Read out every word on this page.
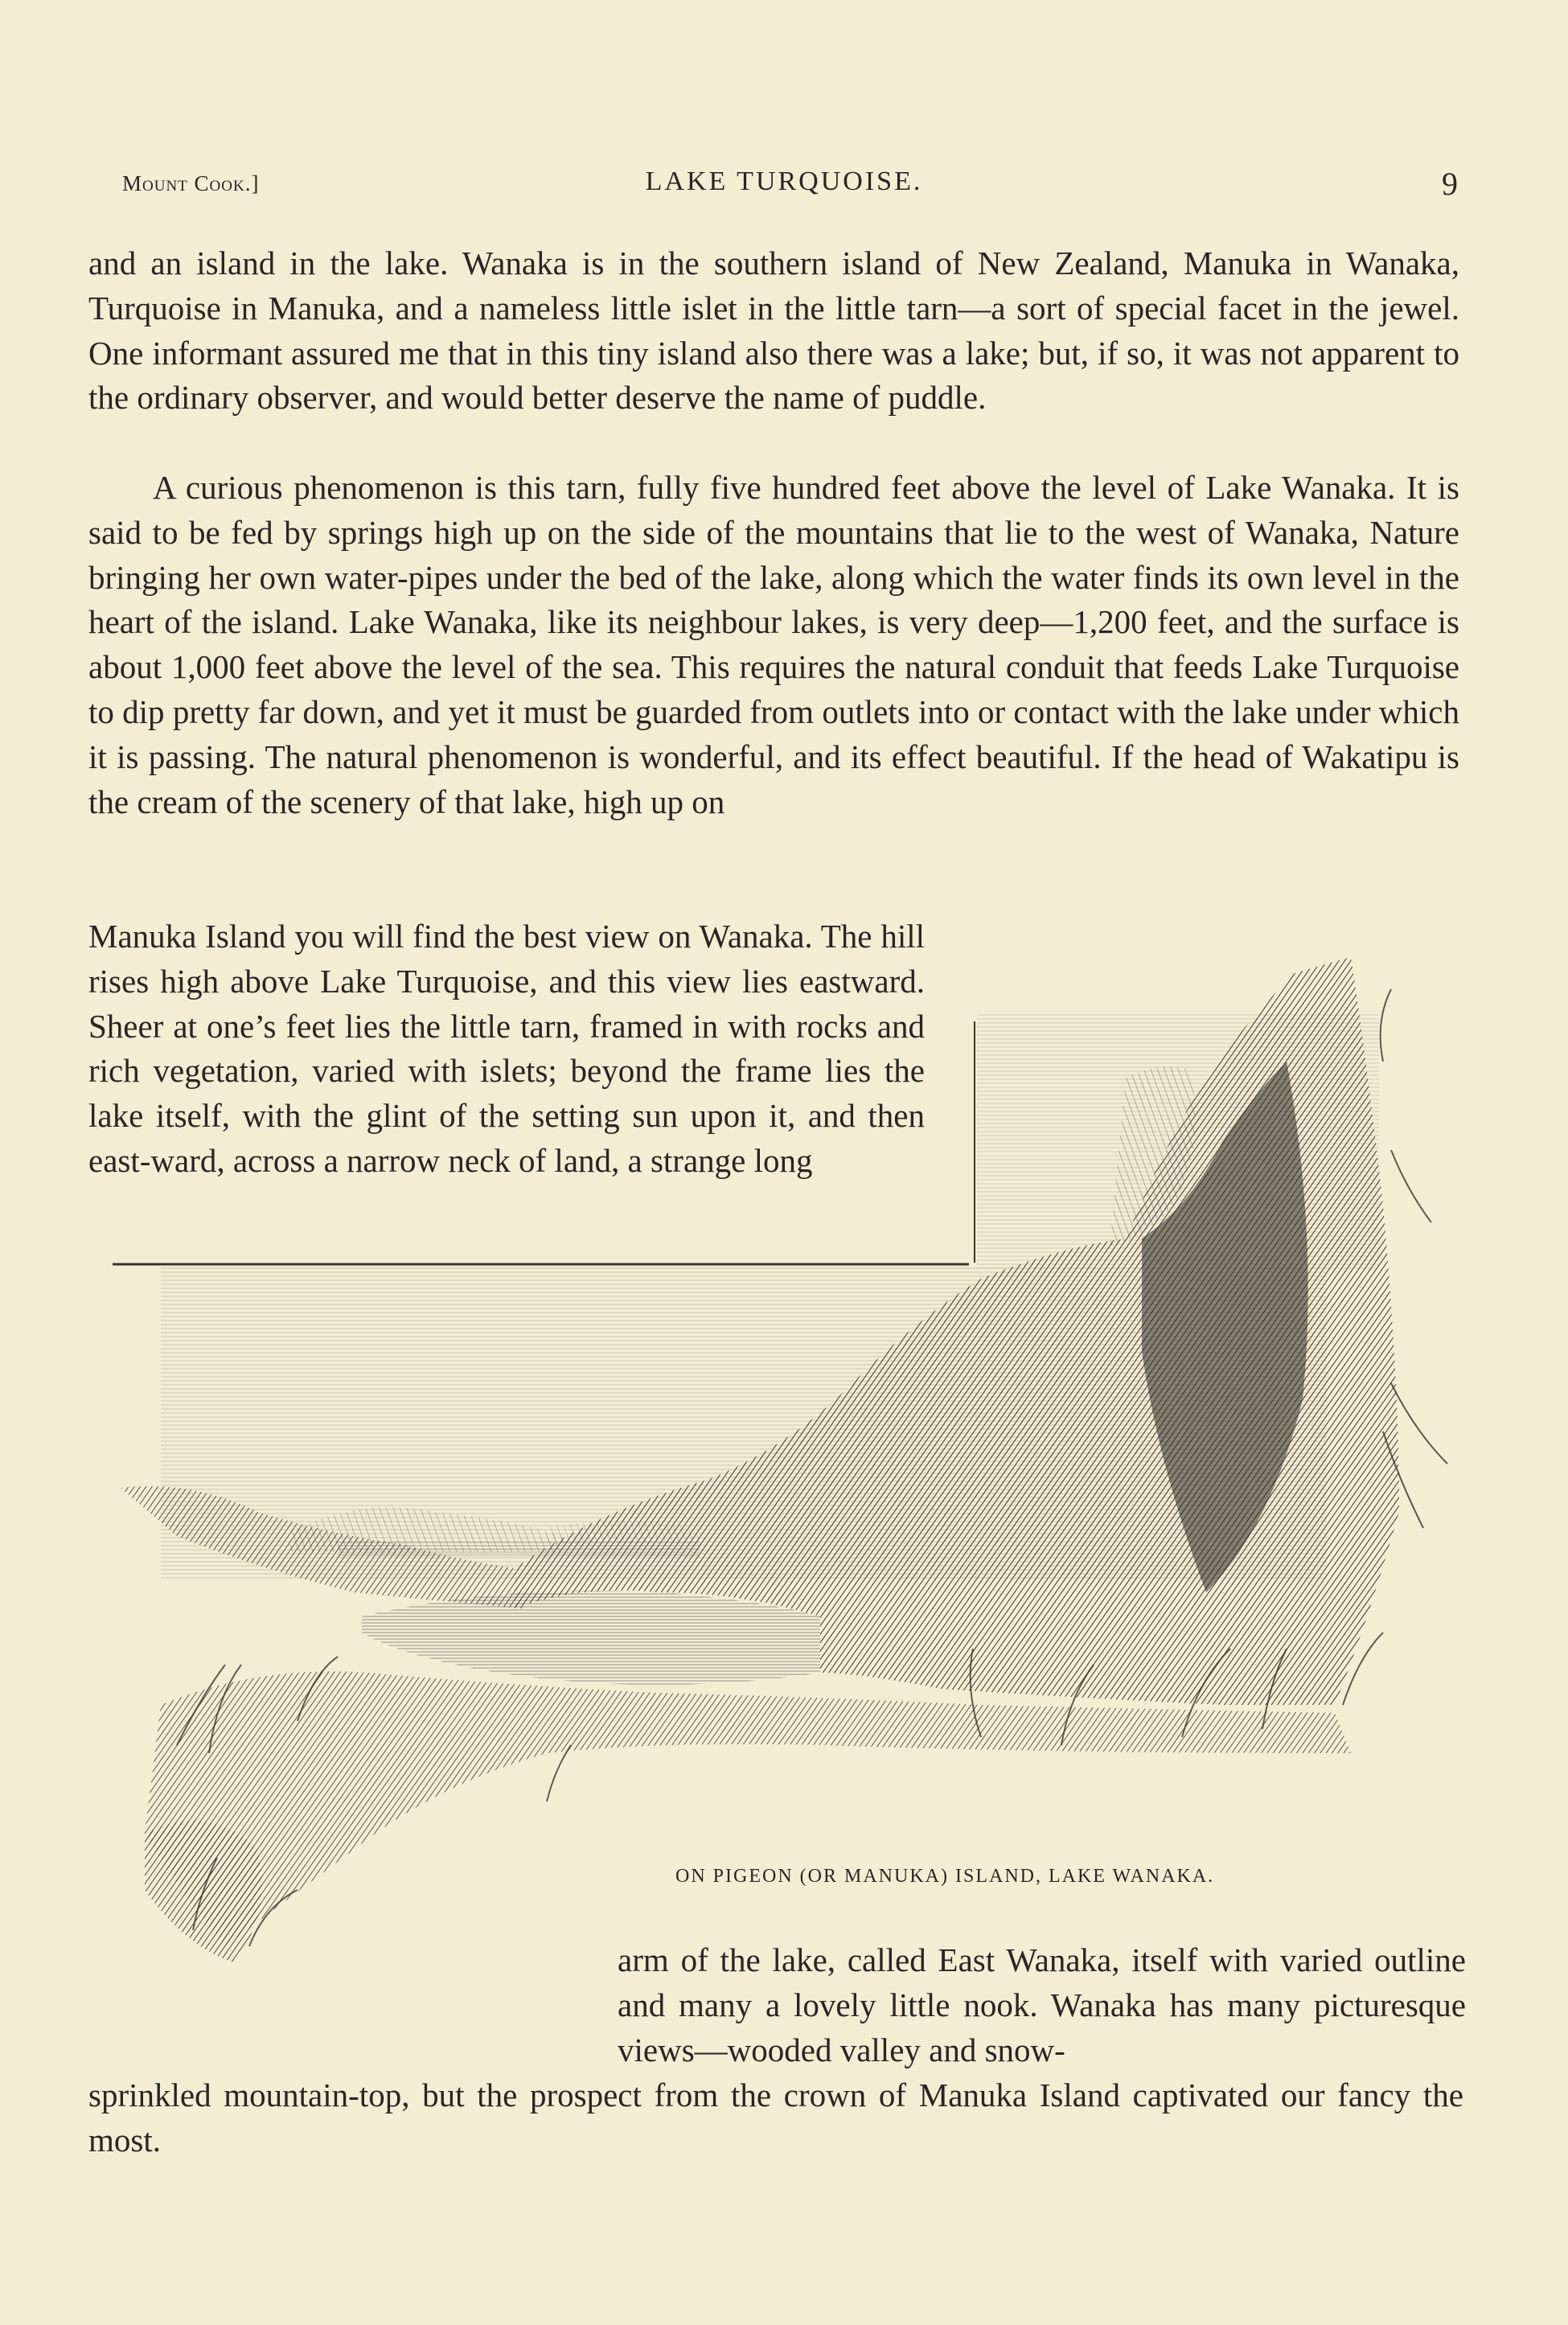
Mount Cook.]	LAKE TURQUOISE.	9
ON PIGEON (OR MANUKA) ISLAND, LAKE WANAKA.

and an island in the lake. Wanaka is in the southern island of New Zealand, Manuka in Wanaka, Turquoise in Manuka, and a nameless little islet in the little tarn—a sort of special facet in the jewel. One informant assured me that in this tiny island also there was a lake; but, if so, it was not apparent to the ordinary observer, and would better deserve the name of puddle.

A curious phenomenon is this tarn, fully five hundred feet above the level of Lake Wanaka. It is said to be fed by springs high up on the side of the mountains that lie to the west of Wanaka, Nature bringing her own water-pipes under the bed of the lake, along which the water finds its own level in the heart of the island. Lake Wanaka, like its neighbour lakes, is very deep—1,200 feet, and the surface is about 1,000 feet above the level of the sea. This requires the natural conduit that feeds Lake Turquoise to dip pretty far down, and yet it must be guarded from outlets into or contact with the lake under which it is passing. The natural phenomenon is wonderful, and its effect beautiful. If the head of Wakatipu is the cream of the scenery of that lake, high up on

Manuka Island you will find the best view on Wanaka. The hill rises high above Lake Turquoise, and this view lies eastward. Sheer at one’s feet lies the little tarn, framed in with rocks and rich vegetation, varied with islets; beyond the frame lies the lake itself, with the glint of the setting sun upon it, and then east-ward, across a narrow neck of land, a strange long

arm of the lake, called East Wanaka, itself with varied outline and many a lovely little nook. Wanaka has many picturesque views—wooded valley and snow-

sprinkled mountain-top, but the prospect from the crown of Manuka Island captivated our fancy the most.
